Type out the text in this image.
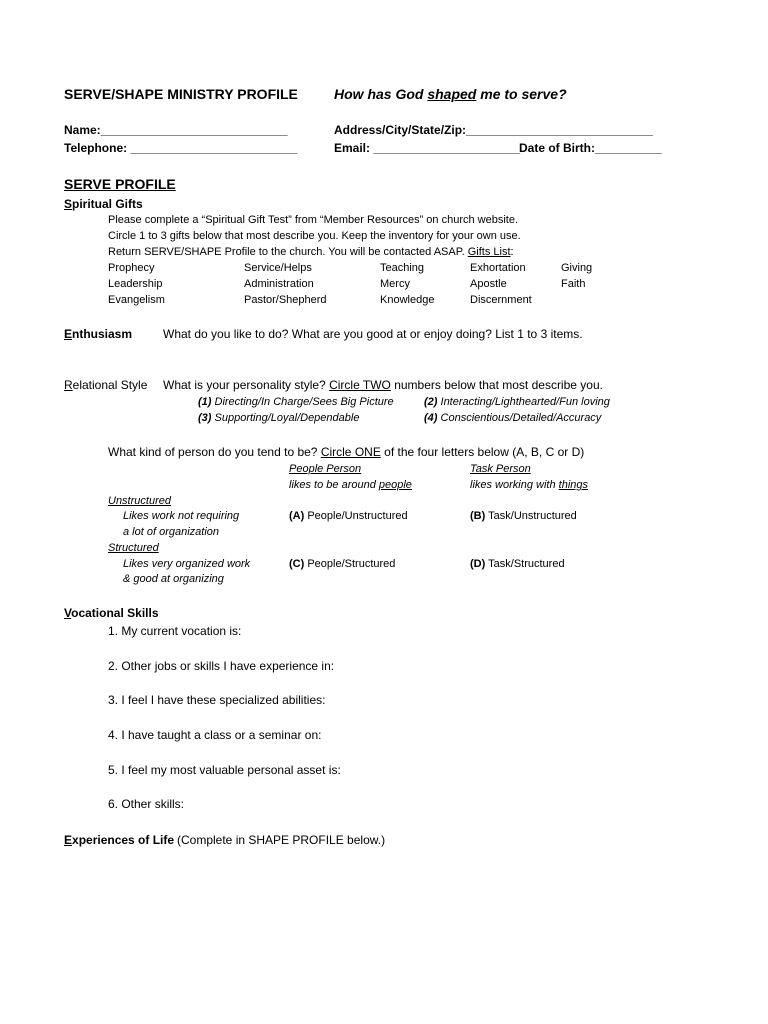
SERVE/SHAPE MINISTRY PROFILE	How has God shaped me to serve?
Name:____________________________	Address/City/State/Zip:____________________________
Telephone: _________________________	Email: ______________________
Date of Birth:__________
SERVE PROFILE
Spiritual Gifts
Please complete a “Spiritual Gift Test” from “Member Resources” on church website.
Circle 1 to 3 gifts below that most describe you. Keep the inventory for your own use.
Return SERVE/SHAPE Profile to the church. You will be contacted ASAP. Gifts List:
Prophecy	Service/Helps	Teaching	Exhortation	Giving
Leadership	Administration	Mercy	Apostle	Faith
Evangelism	Pastor/Shepherd	Knowledge	Discernment
Enthusiasm	What do you like to do? What are you good at or enjoy doing? List 1 to 3 items.
Relational Style What is your personality style? Circle TWO numbers below that most describe you.
(1) Directing/In Charge/Sees Big Picture	(2) Interacting/Lighthearted/Fun loving
(3) Supporting/Loyal/Dependable	(4) Conscientious/Detailed/Accuracy
What kind of person do you tend to be? Circle ONE of the four letters below (A, B, C or D)
People Person	Task Person
likes to be around people	likes working with things
Unstructured
Likes work not requiring
a lot of organization
(A) People/Unstructured	(B) Task/Unstructured
Structured
Likes very organized work
& good at organizing
(C) People/Structured	(D) Task/Structured
Vocational Skills
1. My current vocation is:
2. Other jobs or skills I have experience in:
3. I feel I have these specialized abilities:
4. I have taught a class or a seminar on:
5. I feel my most valuable personal asset is:
6. Other skills:
Experiences of Life (Complete in SHAPE PROFILE below.)
